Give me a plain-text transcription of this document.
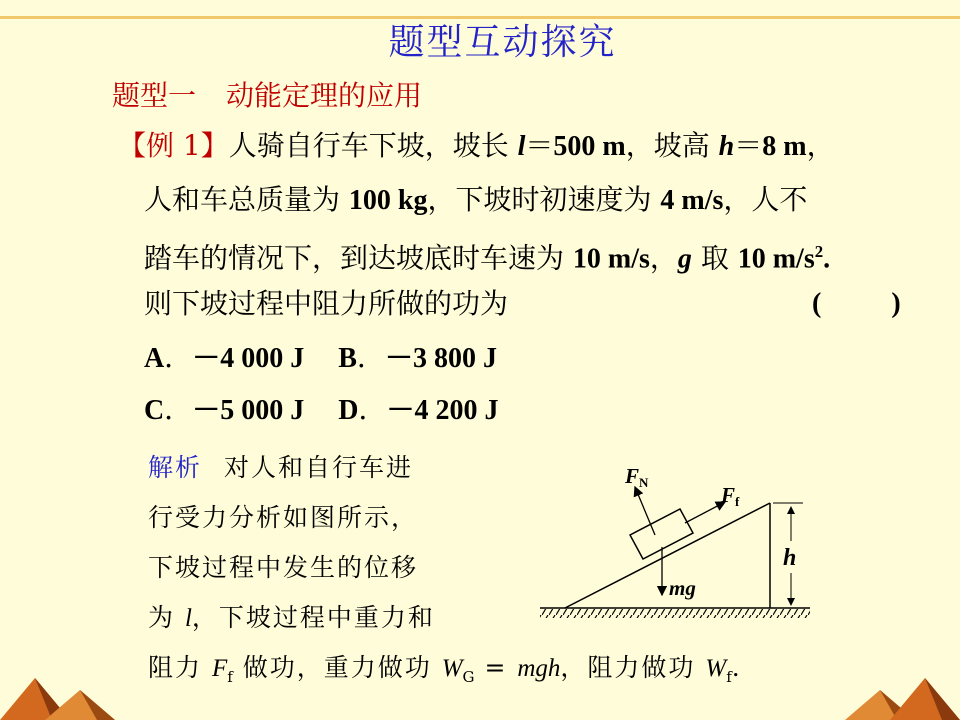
题型互动探究
题型一 动能定理的应用
【例 1】人骑自行车下坡，坡长 l＝500 m，坡高 h＝8 m，
人和车总质量为 100 kg，下坡时初速度为 4 m/s，人不
踏车的情况下，到达坡底时车速为 10 m/s，g 取 10 $m/s^2$.
则下坡过程中阻力所做的功为	(          )
A．－4 000 J B．－3 800 J
C．－5 000 J D．－4 200 J
解析 对人和自行车进
行受力分析如图所示，
下坡过程中发生的位移
为 l，下坡过程中重力和
阻力 $F_f$ 做功，重力做功 $W_G$ = mgh，阻力做功 $W_f$.
h
FN
Ff
mg
